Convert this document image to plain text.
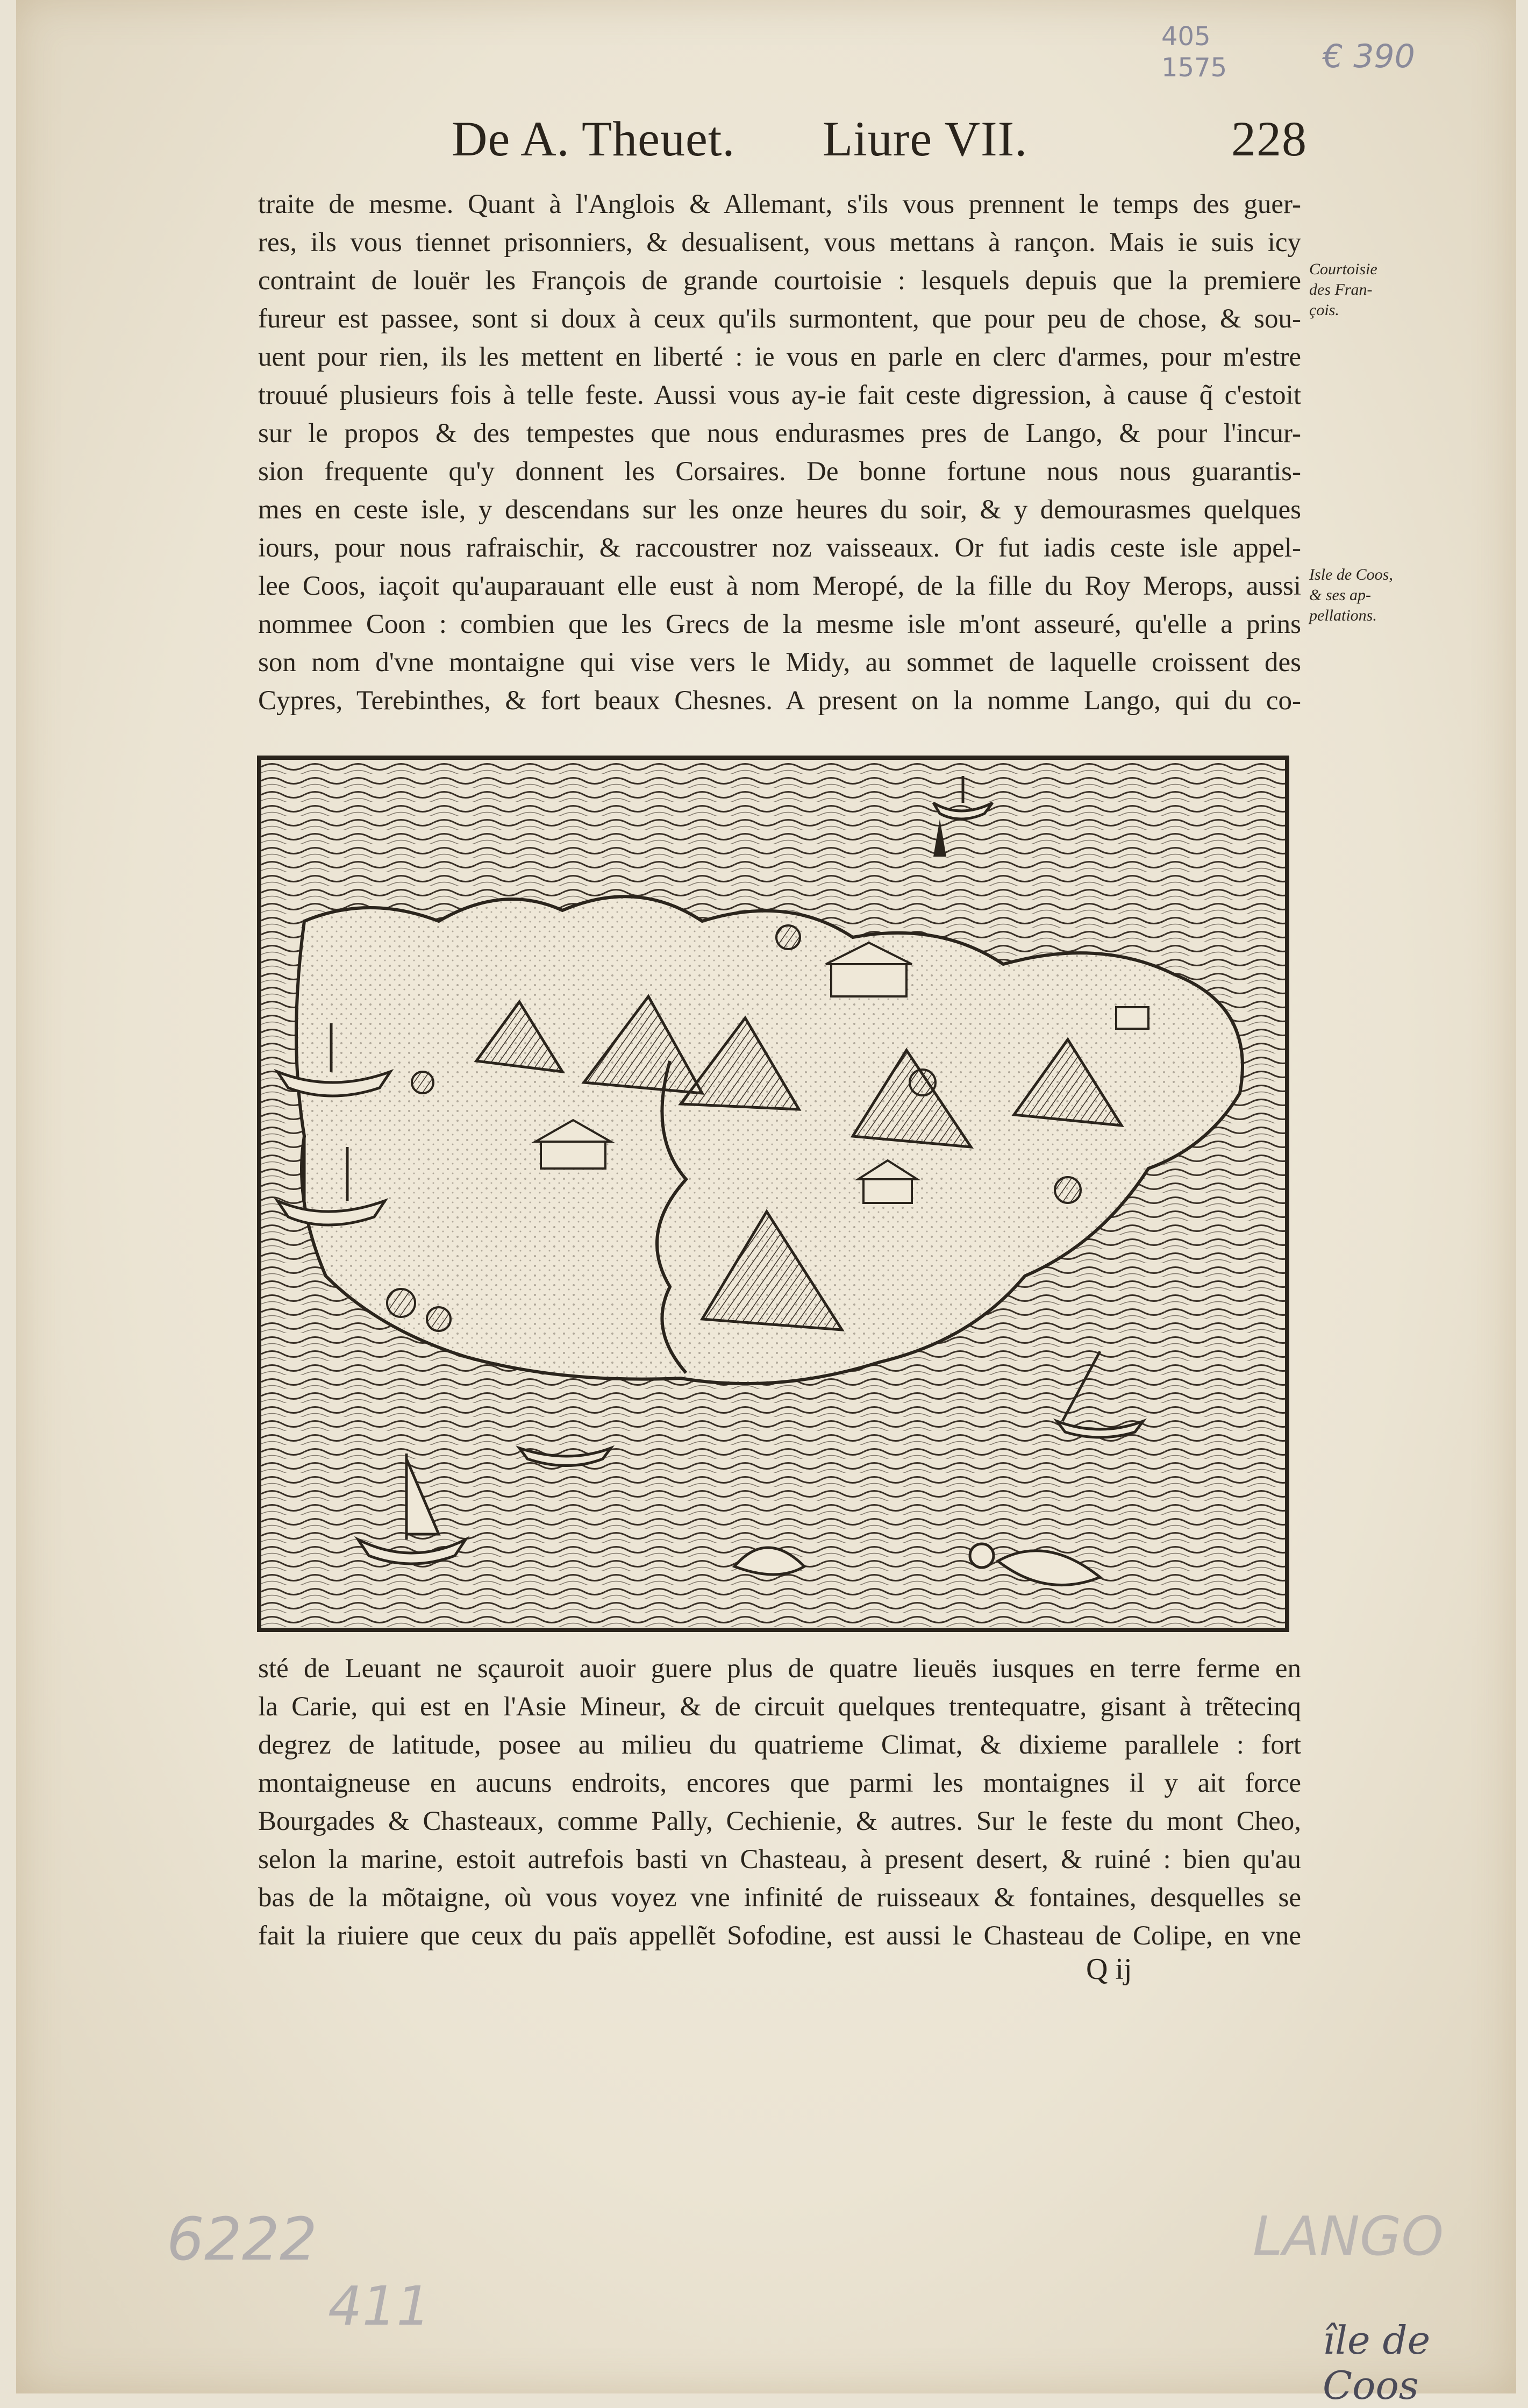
405
1575	€ 390
De A. Theuet. Liure VII.	228
traite de mesme. Quant à l'Anglois & Allemant, s'ils vous prennent le temps des guer-
res, ils vous tiennet prisonniers, & desualisent, vous mettans à rançon. Mais ie suis icy
contraint de louër les François de grande courtoisie : lesquels depuis que la premiere
fureur est passee, sont si doux à ceux qu'ils surmontent, que pour peu de chose, & sou-
uent pour rien, ils les mettent en liberté : ie vous en parle en clerc d'armes, pour m'estre
trouué plusieurs fois à telle feste. Aussi vous ay-ie fait ceste digression, à cause q̃ c'estoit
sur le propos & des tempestes que nous endurasmes pres de Lango, & pour l'incur-
sion frequente qu'y donnent les Corsaires. De bonne fortune nous nous guarantis-
mes en ceste isle, y descendans sur les onze heures du soir, & y demourasmes quelques
iours, pour nous rafraischir, & raccoustrer noz vaisseaux. Or fut iadis ceste isle appel-
lee Coos, iaçoit qu'auparauant elle eust à nom Meropé, de la fille du Roy Merops, aussi
nommee Coon : combien que les Grecs de la mesme isle m'ont asseuré, qu'elle a prins
son nom d'vne montaigne qui vise vers le Midy, au sommet de laquelle croissent des
Cypres, Terebinthes, & fort beaux Chesnes. A present on la nomme Lango, qui du co-
Courtoisie
des Fran-
çois.
Isle de Coos,
& ses ap-
pellations.
sté de Leuant ne sçauroit auoir guere plus de quatre lieuës iusques en terre ferme en
la Carie, qui est en l'Asie Mineur, & de circuit quelques trentequatre, gisant à trẽtecinq
degrez de latitude, posee au milieu du quatrieme Climat, & dixieme parallele : fort
montaigneuse en aucuns endroits, encores que parmi les montaignes il y ait force
Bourgades & Chasteaux, comme Pally, Cechienie, & autres. Sur le feste du mont Cheo,
selon la marine, estoit autrefois basti vn Chasteau, à present desert, & ruiné : bien qu'au
bas de la mõtaigne, où vous voyez vne infinité de ruisseaux & fontaines, desquelles se
fait la riuiere que ceux du païs appellẽt Sofodine, est aussi le Chasteau de Colipe, en vne
Q ij
6222
411
LANGO
île de Coos
